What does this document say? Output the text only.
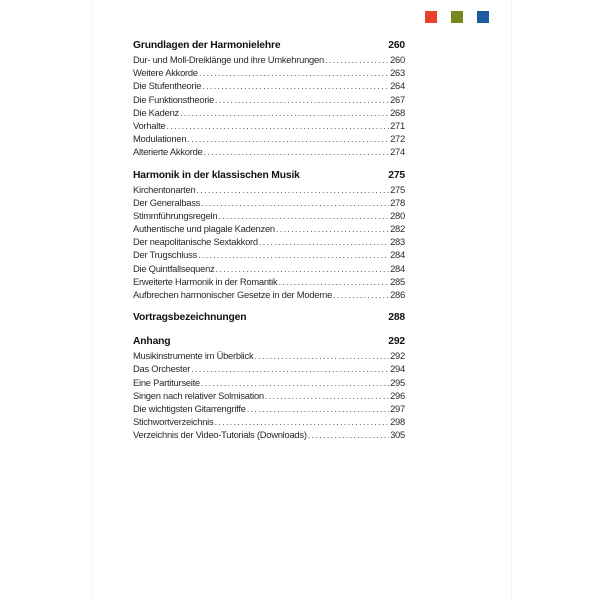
Grundlagen der Harmonielehre	260
Dur- und Moll-Dreiklänge und ihre Umkehrungen .....	260
Weitere Akkorde .....	263
Die Stufentheorie .....	264
Die Funktionstheorie .....	267
Die Kadenz .....	268
Vorhalte .....	271
Modulationen .....	272
Alterierte Akkorde .....	274
Harmonik in der klassischen Musik	275
Kirchentonarten .....	275
Der Generalbass .....	278
Stimmführungsregeln .....	280
Authentische und plagale Kadenzen .....	282
Der neapolitanische Sextakkord .....	283
Der Trugschluss .....	284
Die Quintfallsequenz .....	284
Erweiterte Harmonik in der Romantik .....	285
Aufbrechen harmonischer Gesetze in der Moderne .....	286
Vortragsbezeichnungen	288
Anhang	292
Musikinstrumente im Überblick .....	292
Das Orchester .....	294
Eine Partiturseite .....	295
Singen nach relativer Solmisation .....	296
Die wichtigsten Gitarrengriffe .....	297
Stichwortverzeichnis .....	298
Verzeichnis der Video-Tutorials (Downloads) .....	305
